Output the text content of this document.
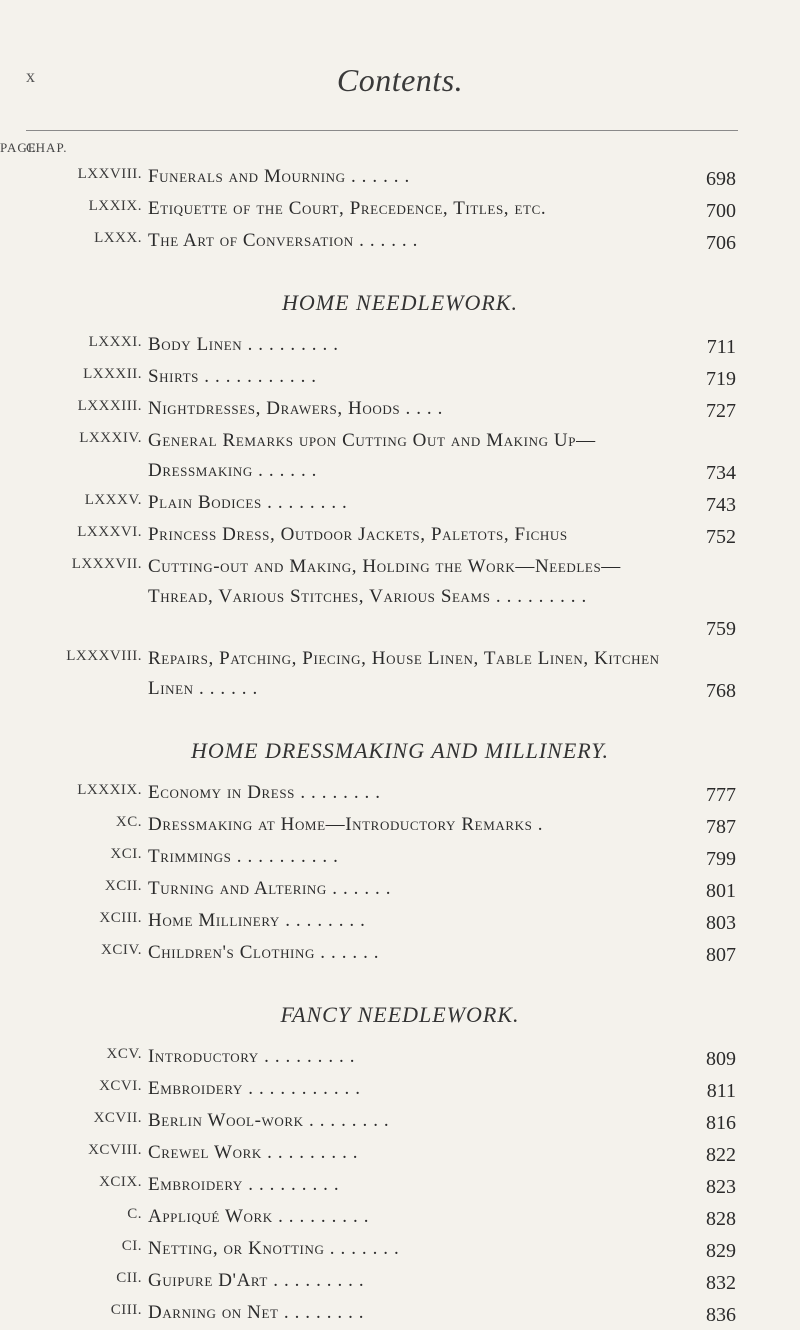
x	Contents.
CHAP.
PAGE
LXXVIII. Funerals and Mourning . . . . . .	698
LXXIX. Etiquette of the Court, Precedence, Titles, etc.	700
LXXX. The Art of Conversation . . . . . .	706
HOME NEEDLEWORK.
LXXXI. Body Linen . . . . . . . . .	711
LXXXII. Shirts . . . . . . . . . . .	719
LXXXIII. Nightdresses, Drawers, Hoods . . . .	727
LXXXIV. General Remarks upon Cutting Out and Making Up—Dressmaking . . . . . .	734
LXXXV. Plain Bodices . . . . . . . .	743
LXXXVI. Princess Dress, Outdoor Jackets, Paletots, Fichus	752
LXXXVII. Cutting-out and Making, Holding the Work—Needles—Thread, Various Stitches, Various Seams . . . . . . . . .
759
LXXXVIII. Repairs, Patching, Piecing, House Linen, Table Linen, Kitchen Linen . . . . . .	768
HOME DRESSMAKING AND MILLINERY.
LXXXIX. Economy in Dress . . . . . . . .	777
XC. Dressmaking at Home—Introductory Remarks .	787
XCI. Trimmings . . . . . . . . . .	799
XCII. Turning and Altering . . . . . .	801
XCIII. Home Millinery . . . . . . . .	803
XCIV. Children's Clothing . . . . . .	807
FANCY NEEDLEWORK.
XCV. Introductory . . . . . . . . .	809
XCVI. Embroidery . . . . . . . . . . .	811
XCVII. Berlin Wool-work . . . . . . . .	816
XCVIII. Crewel Work . . . . . . . . .	822
XCIX. Embroidery . . . . . . . . .	823
C. Appliqué Work . . . . . . . . .	828
CI. Netting, or Knotting . . . . . . .	829
CII. Guipure D'Art . . . . . . . . .	832
CIII. Darning on Net . . . . . . . .	836
